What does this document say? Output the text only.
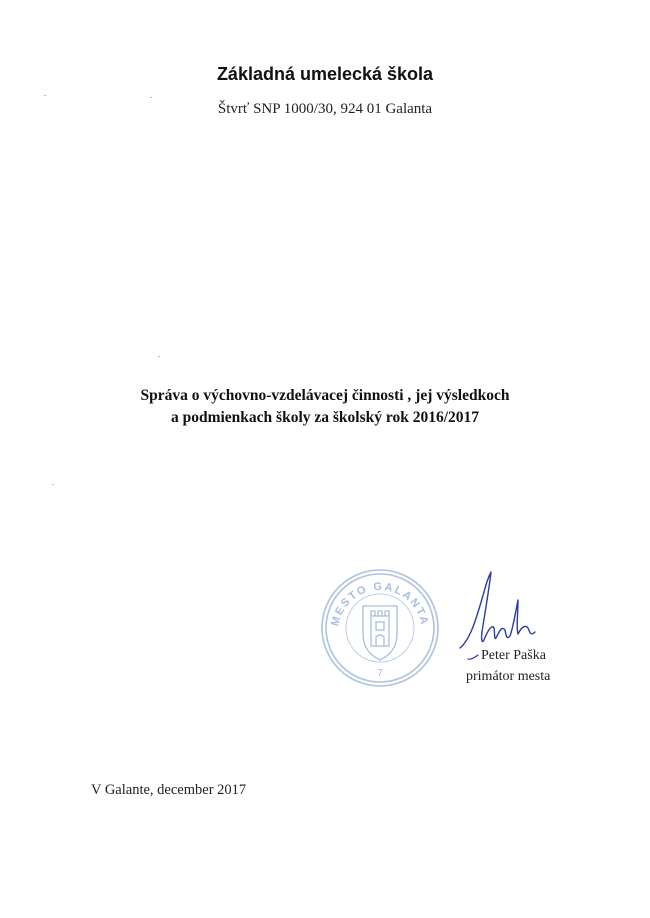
Základná umelecká škola
Štvrť SNP 1000/30, 924 01 Galanta
Správa o výchovno-vzdelávacej činnosti , jej výsledkoch
a podmienkach školy za školský rok 2016/2017
MESTO GALANTA
7
Peter Paška
primátor mesta
V Galante, december 2017
